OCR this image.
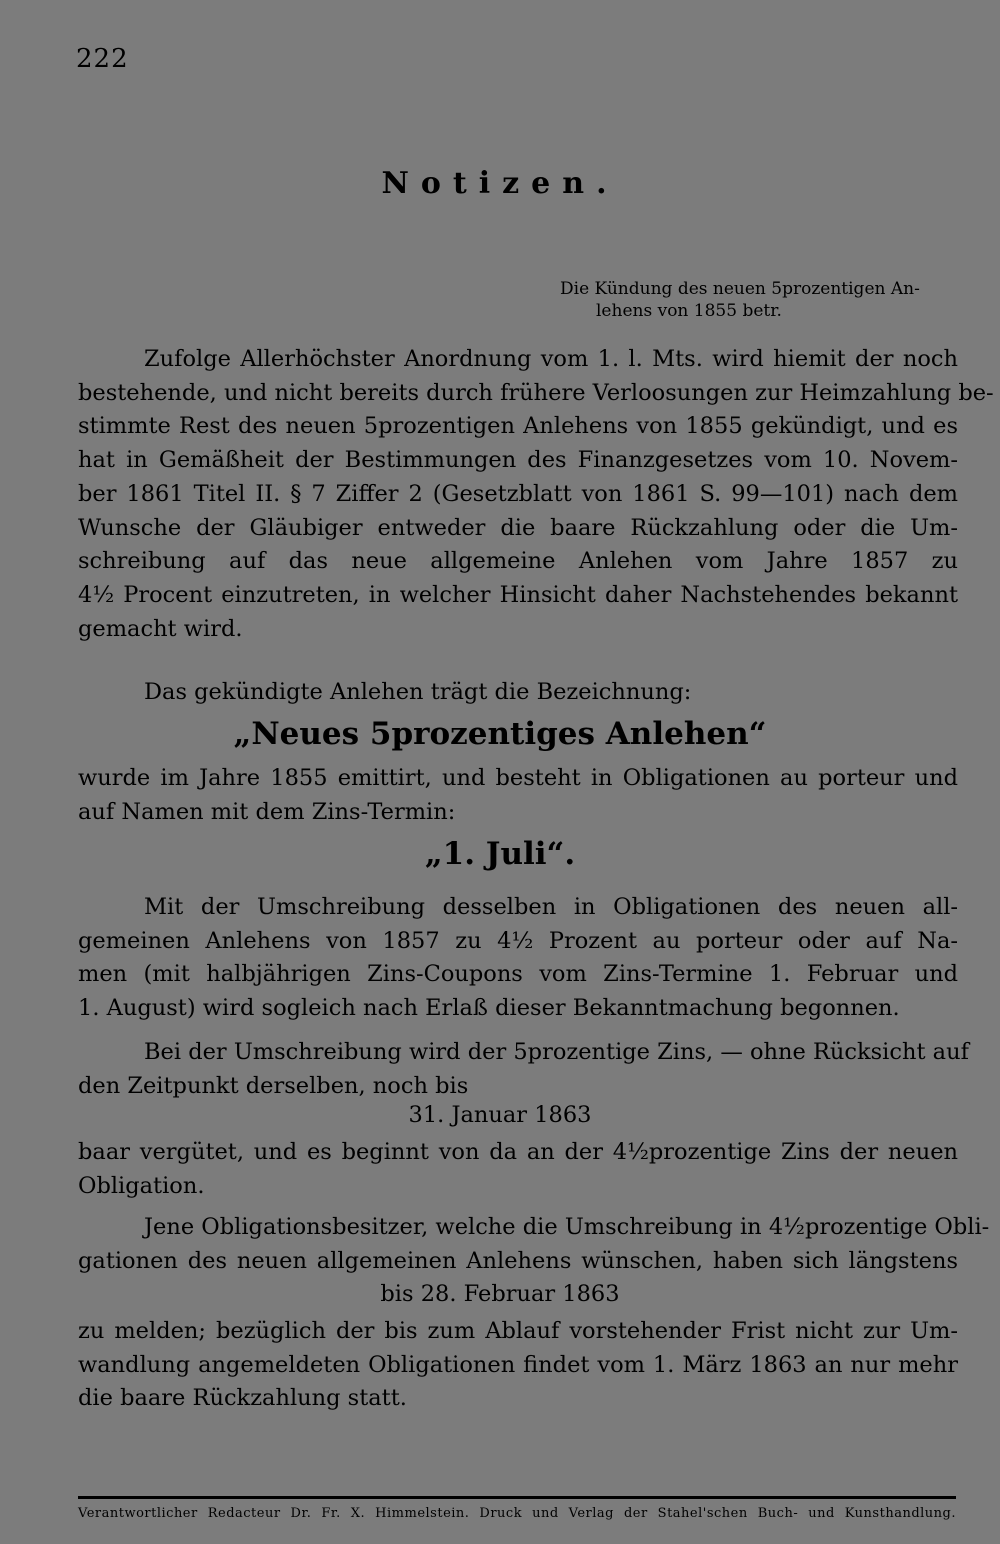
222
Notizen.
Die Kündung des neuen 5prozentigen An-
lehens von 1855 betr.
Zufolge Allerhöchster Anordnung vom 1. l. Mts. wird hiemit der noch
bestehende, und nicht bereits durch frühere Verloosungen zur Heimzahlung be-
stimmte Rest des neuen 5prozentigen Anlehens von 1855 gekündigt, und es
hat in Gemäßheit der Bestimmungen des Finanzgesetzes vom 10. Novem-
ber 1861 Titel II. § 7 Ziffer 2 (Gesetzblatt von 1861 S. 99—101) nach dem
Wunsche der Gläubiger entweder die baare Rückzahlung oder die Um-
schreibung auf das neue allgemeine Anlehen vom Jahre 1857 zu
4½ Procent einzutreten, in welcher Hinsicht daher Nachstehendes bekannt
gemacht wird.
Das gekündigte Anlehen trägt die Bezeichnung:
„Neues 5prozentiges Anlehen“
wurde im Jahre 1855 emittirt, und besteht in Obligationen au porteur und
auf Namen mit dem Zins-Termin:
„1. Juli“.
Mit der Umschreibung desselben in Obligationen des neuen all-
gemeinen Anlehens von 1857 zu 4½ Prozent au porteur oder auf Na-
men (mit halbjährigen Zins-Coupons vom Zins-Termine 1. Februar und
1. August) wird sogleich nach Erlaß dieser Bekanntmachung begonnen.
Bei der Umschreibung wird der 5prozentige Zins, — ohne Rücksicht auf
den Zeitpunkt derselben, noch bis
31. Januar 1863
baar vergütet, und es beginnt von da an der 4½prozentige Zins der neuen
Obligation.
Jene Obligationsbesitzer, welche die Umschreibung in 4½prozentige Obli-
gationen des neuen allgemeinen Anlehens wünschen, haben sich längstens
bis 28. Februar 1863
zu melden; bezüglich der bis zum Ablauf vorstehender Frist nicht zur Um-
wandlung angemeldeten Obligationen findet vom 1. März 1863 an nur mehr
die baare Rückzahlung statt.
Verantwortlicher Redacteur Dr. Fr. X. Himmelstein. Druck und Verlag der Stahel'schen Buch- und Kunsthandlung.
